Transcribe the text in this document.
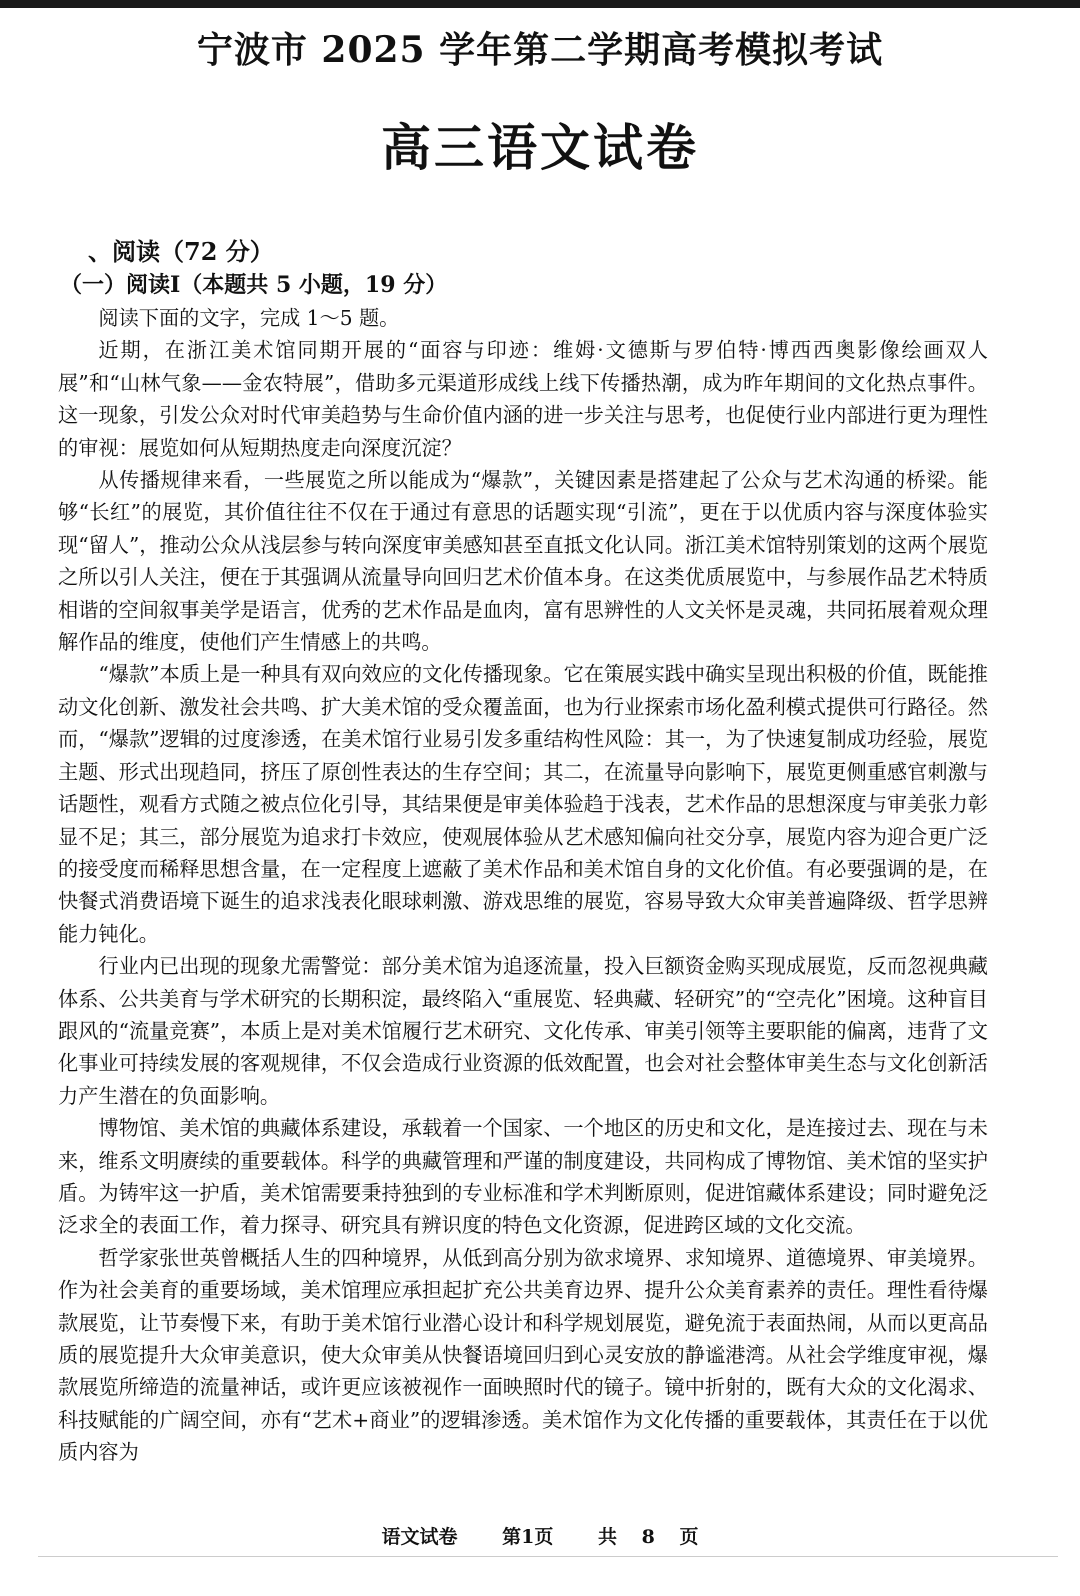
宁波市 2025 学年第二学期高考模拟考试
高三语文试卷
、阅读（72 分）
（一）阅读Ⅰ（本题共 5 小题，19 分）

阅读下面的文字，完成 1～5 题。

近期，在浙江美术馆同期开展的“面容与印迹：维姆·文德斯与罗伯特·博西西奥影像绘画双人展”和“山林气象——金农特展”，借助多元渠道形成线上线下传播热潮，成为昨年期间的文化热点事件。这一现象，引发公众对时代审美趋势与生命价值内涵的进一步关注与思考，也促使行业内部进行更为理性的审视：展览如何从短期热度走向深度沉淀？

从传播规律来看，一些展览之所以能成为“爆款”，关键因素是搭建起了公众与艺术沟通的桥梁。能够“长红”的展览，其价值往往不仅在于通过有意思的话题实现“引流”，更在于以优质内容与深度体验实现“留人”，推动公众从浅层参与转向深度审美感知甚至直抵文化认同。浙江美术馆特别策划的这两个展览之所以引人关注，便在于其强调从流量导向回归艺术价值本身。在这类优质展览中，与参展作品艺术特质相谐的空间叙事美学是语言，优秀的艺术作品是血肉，富有思辨性的人文关怀是灵魂，共同拓展着观众理解作品的维度，使他们产生情感上的共鸣。

“爆款”本质上是一种具有双向效应的文化传播现象。它在策展实践中确实呈现出积极的价值，既能推动文化创新、激发社会共鸣、扩大美术馆的受众覆盖面，也为行业探索市场化盈利模式提供可行路径。然而，“爆款”逻辑的过度渗透，在美术馆行业易引发多重结构性风险：其一，为了快速复制成功经验，展览主题、形式出现趋同，挤压了原创性表达的生存空间；其二，在流量导向影响下，展览更侧重感官刺激与话题性，观看方式随之被点位化引导，其结果便是审美体验趋于浅表，艺术作品的思想深度与审美张力彰显不足；其三，部分展览为追求打卡效应，使观展体验从艺术感知偏向社交分享，展览内容为迎合更广泛的接受度而稀释思想含量，在一定程度上遮蔽了美术作品和美术馆自身的文化价值。有必要强调的是，在快餐式消费语境下诞生的追求浅表化眼球刺激、游戏思维的展览，容易导致大众审美普遍降级、哲学思辨能力钝化。

行业内已出现的现象尤需警觉：部分美术馆为追逐流量，投入巨额资金购买现成展览，反而忽视典藏体系、公共美育与学术研究的长期积淀，最终陷入“重展览、轻典藏、轻研究”的“空壳化”困境。这种盲目跟风的“流量竞赛”，本质上是对美术馆履行艺术研究、文化传承、审美引领等主要职能的偏离，违背了文化事业可持续发展的客观规律，不仅会造成行业资源的低效配置，也会对社会整体审美生态与文化创新活力产生潜在的负面影响。

博物馆、美术馆的典藏体系建设，承载着一个国家、一个地区的历史和文化，是连接过去、现在与未来，维系文明赓续的重要载体。科学的典藏管理和严谨的制度建设，共同构成了博物馆、美术馆的坚实护盾。为铸牢这一护盾，美术馆需要秉持独到的专业标准和学术判断原则，促进馆藏体系建设；同时避免泛泛求全的表面工作，着力探寻、研究具有辨识度的特色文化资源，促进跨区域的文化交流。

哲学家张世英曾概括人生的四种境界，从低到高分别为欲求境界、求知境界、道德境界、审美境界。作为社会美育的重要场域，美术馆理应承担起扩充公共美育边界、提升公众美育素养的责任。理性看待爆款展览，让节奏慢下来，有助于美术馆行业潜心设计和科学规划展览，避免流于表面热闹，从而以更高品质的展览提升大众审美意识，使大众审美从快餐语境回归到心灵安放的静谧港湾。从社会学维度审视，爆款展览所缔造的流量神话，或许更应该被视作一面映照时代的镜子。镜中折射的，既有大众的文化渴求、科技赋能的广阔空间，亦有“艺术+商业”的逻辑渗透。美术馆作为文化传播的重要载体，其责任在于以优质内容为

语文试卷 第1页 共 8 页
